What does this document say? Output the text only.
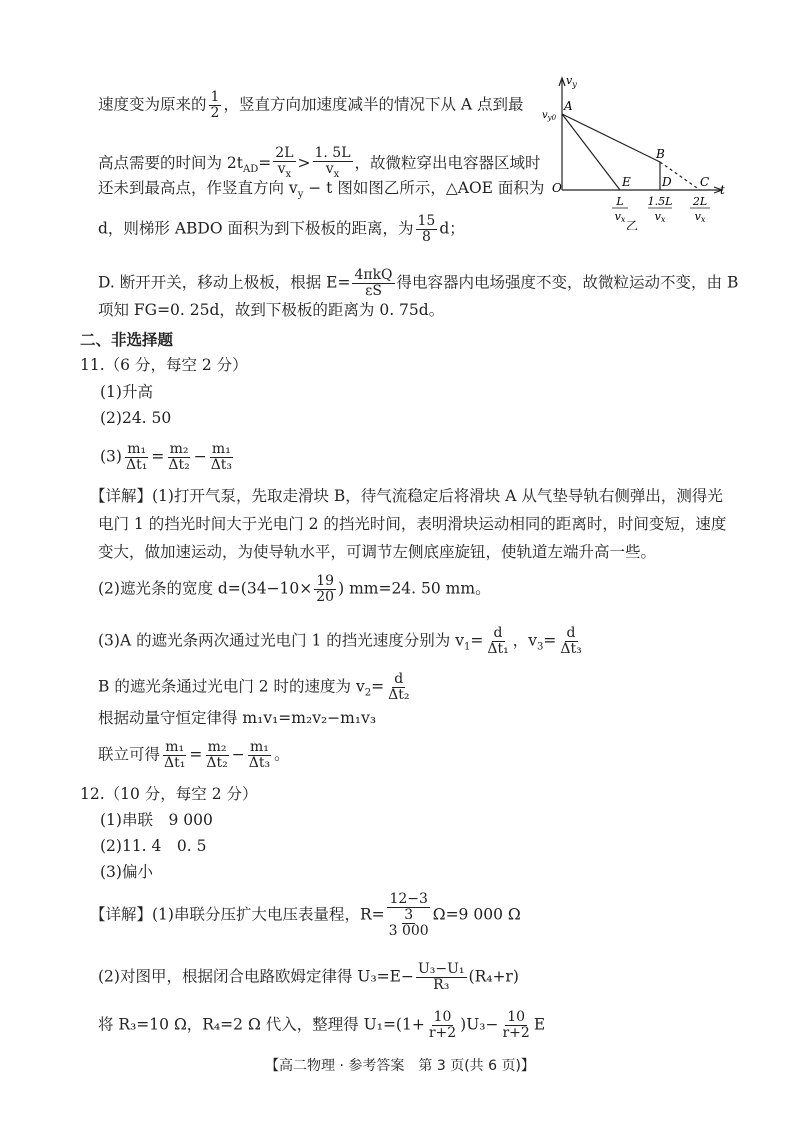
速度变为原来的 $\frac{1}{2}$ ，竖直方向加速度减半的情况下从 A 点到最
高点需要的时间为 $2t_{AD}= \frac{2L}{v_x} > \frac{1. 5L}{v_x}$ ，故微粒穿出电容器区域时
还未到最高点，作竖直方向 $v_y - t$ 图如图乙所示，△AOE 面积为
d，则梯形 ABDO 面积为到下极板的距离，为 $\frac{15}{8}$ d；
$v_y$
$v_{y0}$
A
B
C
D
E
O	t
L
vx
1.5L
vx
2L
vx
乙
D. 断开开关，移动上极板，根据 $E= \frac{\text{4πkQ}}{\varepsilon S}$ 得电容器内电场强度不变，故微粒运动不变，由 B
项知 FG=0. 25d，故到下极板的距离为 0. 75d。
二、非选择题
11.（6 分，每空 2 分）
(1)升高
(2)24. 50
$(3) \frac{\text{m₁}}{\text{Δt₁}} = \frac{\text{m₂}}{\text{Δt₂}} - \frac{\text{m₁}}{\text{Δt₃}}$
【详解】(1)打开气泵，先取走滑块 B，待气流稳定后将滑块 A 从气垫导轨右侧弹出，测得光
电门 1 的挡光时间大于光电门 2 的挡光时间，表明滑块运动相同的距离时，时间变短，速度
变大，做加速运动，为使导轨水平，可调节左侧底座旋钮，使轨道左端升高一些。
(2)遮光条的宽度 $d=(34-10\times \frac{19}{20}$ ) mm=24. 50 mm。
(3)A 的遮光条两次通过光电门 1 的挡光速度分别为 $v_1= \frac{d}{\text{Δt₁}}$ ，$v_3= \frac{d}{\text{Δt₃}}$
B 的遮光条通过光电门 2 时的速度为 $v_2= \frac{d}{\text{Δt₂}}$
根据动量守恒定律得 m₁v₁=m₂v₂−m₁v₃
联立可得 $\frac{\text{m₁}}{\text{Δt₁}} = \frac{\text{m₂}}{\text{Δt₂}} - \frac{\text{m₁}}{\text{Δt₃}}$ 。
12.（10 分，每空 2 分）
(1)串联　9 000
(2)11. 4　0. 5
(3)偏小
【详解】(1)串联分压扩大电压表量程，R=
12−3
3
3 000
Ω=9 000 Ω
(2)对图甲，根据闭合电路欧姆定律得 $U_3=E- \frac{\text{U₃−U₁}}{\text{R₃}} (R_4+r)$
将 R₃=10 Ω，R₄=2 Ω 代入，整理得 $U_1=(1+ \frac{10}{r+2} )U_3- \frac{10}{r+2}$ E
【高二物理 · 参考答案　第 3 页(共 6 页)】
